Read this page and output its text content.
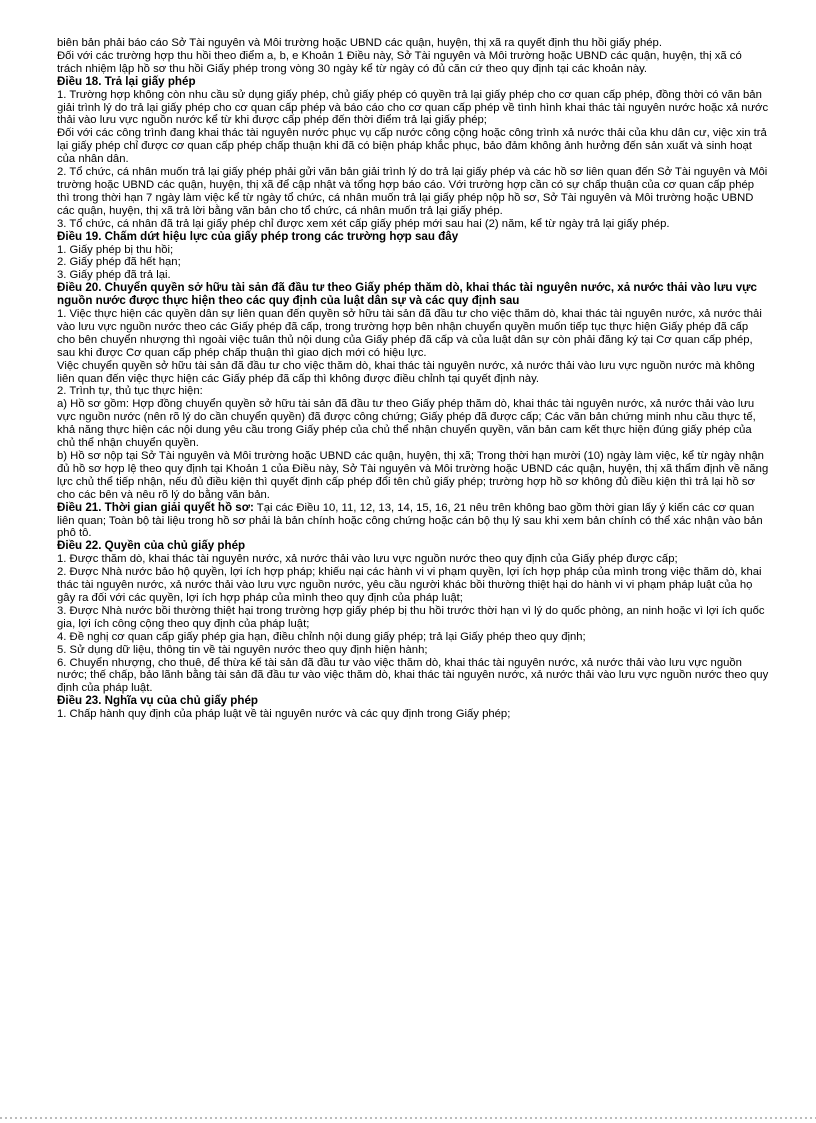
biên bản phải báo cáo Sở Tài nguyên và Môi trường hoặc UBND các quận, huyện, thị xã ra quyết định thu hồi giấy phép.

Đối với các trường hợp thu hồi theo điểm a, b, e Khoản 1 Điều này, Sở Tài nguyên và Môi trường hoặc UBND các quận, huyện, thị xã có trách nhiệm lập hồ sơ thu hồi Giấy phép trong vòng 30 ngày kể từ ngày có đủ căn cứ theo quy định tại các khoản này.

Điều 18. Trả lại giấy phép

1. Trường hợp không còn nhu cầu sử dụng giấy phép, chủ giấy phép có quyền trả lại giấy phép cho cơ quan cấp phép, đồng thời có văn bản giải trình lý do trả lại giấy phép cho cơ quan cấp phép và báo cáo cho cơ quan cấp phép về tình hình khai thác tài nguyên nước hoặc xả nước thải vào lưu vực nguồn nước kể từ khi được cấp phép đến thời điểm trả lại giấy phép;

Đối với các công trình đang khai thác tài nguyên nước phục vụ cấp nước công cộng hoặc công trình xả nước thải của khu dân cư, việc xin trả lại giấy phép chỉ được cơ quan cấp phép chấp thuận khi đã có biện pháp khắc phục, bảo đảm không ảnh hưởng đến sản xuất và sinh hoạt của nhân dân.

2. Tổ chức, cá nhân muốn trả lại giấy phép phải gửi văn bản giải trình lý do trả lại giấy phép và các hồ sơ liên quan đến Sở Tài nguyên và Môi trường hoặc UBND các quận, huyện, thị xã để cập nhật và tổng hợp báo cáo. Với trường hợp cần có sự chấp thuận của cơ quan cấp phép thì trong thời hạn 7 ngày làm việc kể từ ngày tổ chức, cá nhân muốn trả lại giấy phép nộp hồ sơ, Sở Tài nguyên và Môi trường hoặc UBND các quận, huyện, thị xã trả lời bằng văn bản cho tổ chức, cá nhân muốn trả lại giấy phép.

3. Tổ chức, cá nhân đã trả lại giấy phép chỉ được xem xét cấp giấy phép mới sau hai (2) năm, kể từ ngày trả lại giấy phép.

Điều 19. Chấm dứt hiệu lực của giấy phép trong các trường hợp sau đây

1. Giấy phép bị thu hồi;

2. Giấy phép đã hết hạn;

3. Giấy phép đã trả lại.

Điều 20. Chuyển quyền sở hữu tài sản đã đầu tư theo Giấy phép thăm dò, khai thác tài nguyên nước, xả nước thải vào lưu vực nguồn nước được thực hiện theo các quy định của luật dân sự và các quy định sau

1. Việc thực hiện các quyền dân sự liên quan đến quyền sở hữu tài sản đã đầu tư cho việc thăm dò, khai thác tài nguyên nước, xả nước thải vào lưu vực nguồn nước theo các Giấy phép đã cấp, trong trường hợp bên nhận chuyển quyền muốn tiếp tục thực hiện Giấy phép đã cấp cho bên chuyển nhượng thì ngoài việc tuân thủ nội dung của Giấy phép đã cấp và của luật dân sự còn phải đăng ký tại Cơ quan cấp phép, sau khi được Cơ quan cấp phép chấp thuận thì giao dịch mới có hiệu lực.

Việc chuyển quyền sở hữu tài sản đã đầu tư cho việc thăm dò, khai thác tài nguyên nước, xả nước thải vào lưu vực nguồn nước mà không liên quan đến việc thực hiện các Giấy phép đã cấp thì không được điều chỉnh tại quyết định này.

2. Trình tự, thủ tục thực hiện:

a) Hồ sơ gồm: Hợp đồng chuyển quyền sở hữu tài sản đã đầu tư theo Giấy phép thăm dò, khai thác tài nguyên nước, xả nước thải vào lưu vực nguồn nước (nên rõ lý do cần chuyển quyền) đã được công chứng; Giấy phép đã được cấp; Các văn bản chứng minh nhu cầu thực tế, khả năng thực hiện các nội dung yêu cầu trong Giấy phép của chủ thể nhận chuyển quyền, văn bản cam kết thực hiện đúng giấy phép của chủ thể nhận chuyển quyền.

b) Hồ sơ nộp tại Sở Tài nguyên và Môi trường hoặc UBND các quận, huyện, thị xã; Trong thời hạn mười (10) ngày làm việc, kể từ ngày nhận đủ hồ sơ hợp lệ theo quy định tại Khoản 1 của Điều này, Sở Tài nguyên và Môi trường hoặc UBND các quận, huyện, thị xã thẩm định về năng lực chủ thể tiếp nhận, nếu đủ điều kiện thì quyết định cấp phép đổi tên chủ giấy phép; trường hợp hồ sơ không đủ điều kiện thì trả lại hồ sơ cho các bên và nêu rõ lý do bằng văn bản.

Điều 21. Thời gian giải quyết hồ sơ: Tại các Điều 10, 11, 12, 13, 14, 15, 16, 21 nêu trên không bao gồm thời gian lấy ý kiến các cơ quan liên quan; Toàn bộ tài liệu trong hồ sơ phải là bản chính hoặc công chứng hoặc cán bộ thụ lý sau khi xem bản chính có thể xác nhận vào bản phô tô.

Điều 22. Quyền của chủ giấy phép

1. Được thăm dò, khai thác tài nguyên nước, xả nước thải vào lưu vực nguồn nước theo quy định của Giấy phép được cấp;

2. Được Nhà nước bảo hộ quyền, lợi ích hợp pháp; khiếu nại các hành vi vi phạm quyền, lợi ích hợp pháp của mình trong việc thăm dò, khai thác tài nguyên nước, xả nước thải vào lưu vực nguồn nước, yêu cầu người khác bồi thường thiệt hại do hành vi vi phạm pháp luật của họ gây ra đối với các quyền, lợi ích hợp pháp của mình theo quy định của pháp luật;

3. Được Nhà nước bồi thường thiệt hại trong trường hợp giấy phép bị thu hồi trước thời hạn vì lý do quốc phòng, an ninh hoặc vì lợi ích quốc gia, lợi ích công cộng theo quy định của pháp luật;

4. Đề nghị cơ quan cấp giấy phép gia hạn, điều chỉnh nội dung giấy phép; trả lại Giấy phép theo quy định;

5. Sử dụng dữ liệu, thông tin về tài nguyên nước theo quy định hiện hành;

6. Chuyển nhượng, cho thuê, để thừa kế tài sản đã đầu tư vào việc thăm dò, khai thác tài nguyên nước, xả nước thải vào lưu vực nguồn nước; thế chấp, bảo lãnh bằng tài sản đã đầu tư vào việc thăm dò, khai thác tài nguyên nước, xả nước thải vào lưu vực nguồn nước theo quy định của pháp luật.

Điều 23. Nghĩa vụ của chủ giấy phép

1. Chấp hành quy định của pháp luật về tài nguyên nước và các quy định trong Giấy phép;
